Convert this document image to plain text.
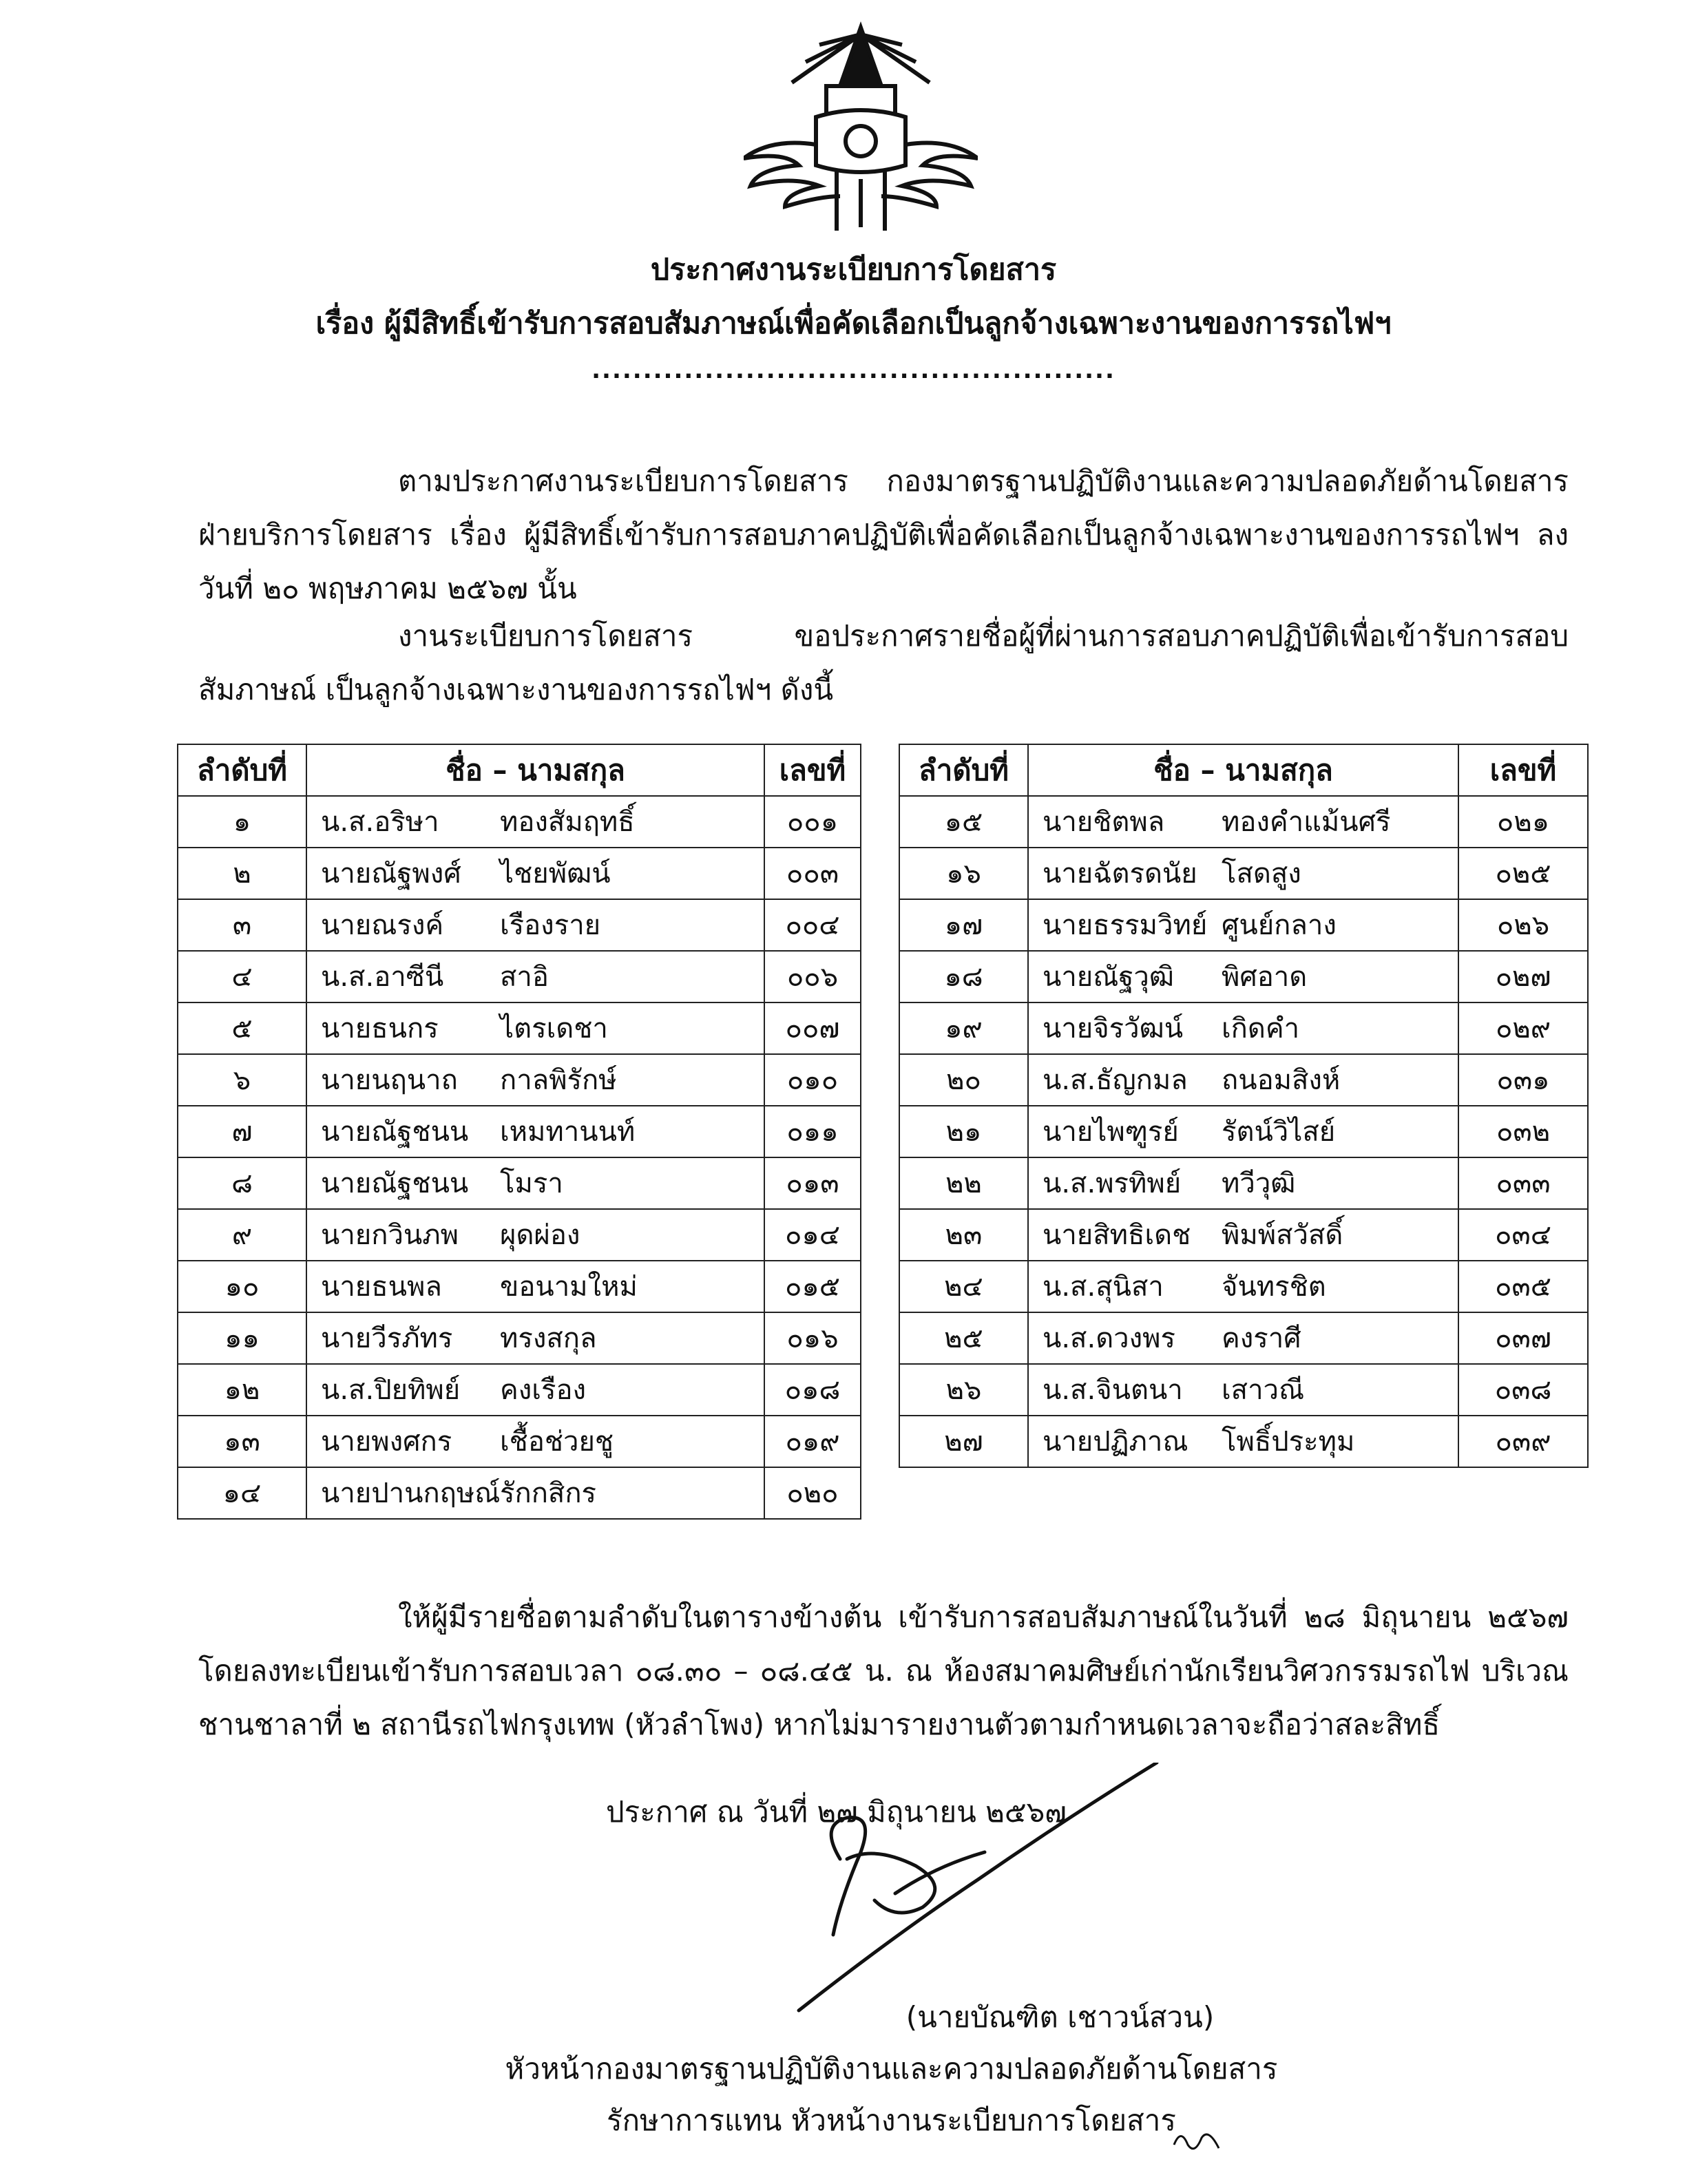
ประกาศงานระเบียบการโดยสาร
เรื่อง ผู้มีสิทธิ์เข้ารับการสอบสัมภาษณ์เพื่อคัดเลือกเป็นลูกจ้างเฉพาะงานของการรถไฟฯ
...................................................
ตามประกาศงานระเบียบการโดยสาร กองมาตรฐานปฏิบัติงานและความปลอดภัยด้านโดยสาร ฝ่ายบริการโดยสาร เรื่อง ผู้มีสิทธิ์เข้ารับการสอบภาคปฏิบัติเพื่อคัดเลือกเป็นลูกจ้างเฉพาะงานของการรถไฟฯ ลงวันที่ ๒๐ พฤษภาคม ๒๕๖๗ นั้น
งานระเบียบการโดยสาร ขอประกาศรายชื่อผู้ที่ผ่านการสอบภาคปฏิบัติเพื่อเข้ารับการสอบสัมภาษณ์ เป็นลูกจ้างเฉพาะงานของการรถไฟฯ ดังนี้
ลำดับที่	ชื่อ – นามสกุล	เลขที่
๑	น.ส.อริษา ทองสัมฤทธิ์	๐๐๑
๒	นายณัฐพงศ์ ไชยพัฒน์	๐๐๓
๓	นายณรงค์ เรืองราย	๐๐๔
๔	น.ส.อาซีนี สาอิ	๐๐๖
๕	นายธนกร ไตรเดชา	๐๐๗
๖	นายนฤนาถ กาลพิรักษ์	๐๑๐
๗	นายณัฐชนน เหมทานนท์	๐๑๑
๘	นายณัฐชนน โมรา	๐๑๓
๙	นายกวินภพ ผุดผ่อง	๐๑๔
๑๐	นายธนพล ขอนามใหม่	๐๑๕
๑๑	นายวีรภัทร ทรงสกุล	๐๑๖
๑๒	น.ส.ปิยทิพย์ คงเรือง	๐๑๘
๑๓	นายพงศกร เชื้อช่วยชู	๐๑๙
๑๔	นายปานกฤษณ์รักกสิกร	๐๒๐
ลำดับที่	ชื่อ – นามสกุล	เลขที่
๑๕	นายชิตพล ทองคำแม้นศรี	๐๒๑
๑๖	นายฉัตรดนัย โสดสูง	๐๒๕
๑๗	นายธรรมวิทย์ ศูนย์กลาง	๐๒๖
๑๘	นายณัฐวุฒิ พิศอาด	๐๒๗
๑๙	นายจิรวัฒน์ เกิดคำ	๐๒๙
๒๐	น.ส.ธัญกมล ถนอมสิงห์	๐๓๑
๒๑	นายไพฑูรย์ รัตน์วิไสย์	๐๓๒
๒๒	น.ส.พรทิพย์ ทวีวุฒิ	๐๓๓
๒๓	นายสิทธิเดช พิมพ์สวัสดิ์	๐๓๔
๒๔	น.ส.สุนิสา จันทรชิต	๐๓๕
๒๕	น.ส.ดวงพร คงราศี	๐๓๗
๒๖	น.ส.จินตนา เสาวณี	๐๓๘
๒๗	นายปฏิภาณ โพธิ์ประทุม	๐๓๙
ให้ผู้มีรายชื่อตามลำดับในตารางข้างต้น เข้ารับการสอบสัมภาษณ์ในวันที่ ๒๘ มิถุนายน ๒๕๖๗ โดยลงทะเบียนเข้ารับการสอบเวลา ๐๘.๓๐ – ๐๘.๔๕ น. ณ ห้องสมาคมศิษย์เก่านักเรียนวิศวกรรมรถไฟ บริเวณ ชานชาลาที่ ๒ สถานีรถไฟกรุงเทพ (หัวลำโพง) หากไม่มารายงานตัวตามกำหนดเวลาจะถือว่าสละสิทธิ์
ประกาศ ณ วันที่ ๒๗ มิถุนายน ๒๕๖๗
(นายบัณฑิต เชาวน์สวน)
หัวหน้ากองมาตรฐานปฏิบัติงานและความปลอดภัยด้านโดยสาร
รักษาการแทน หัวหน้างานระเบียบการโดยสาร
